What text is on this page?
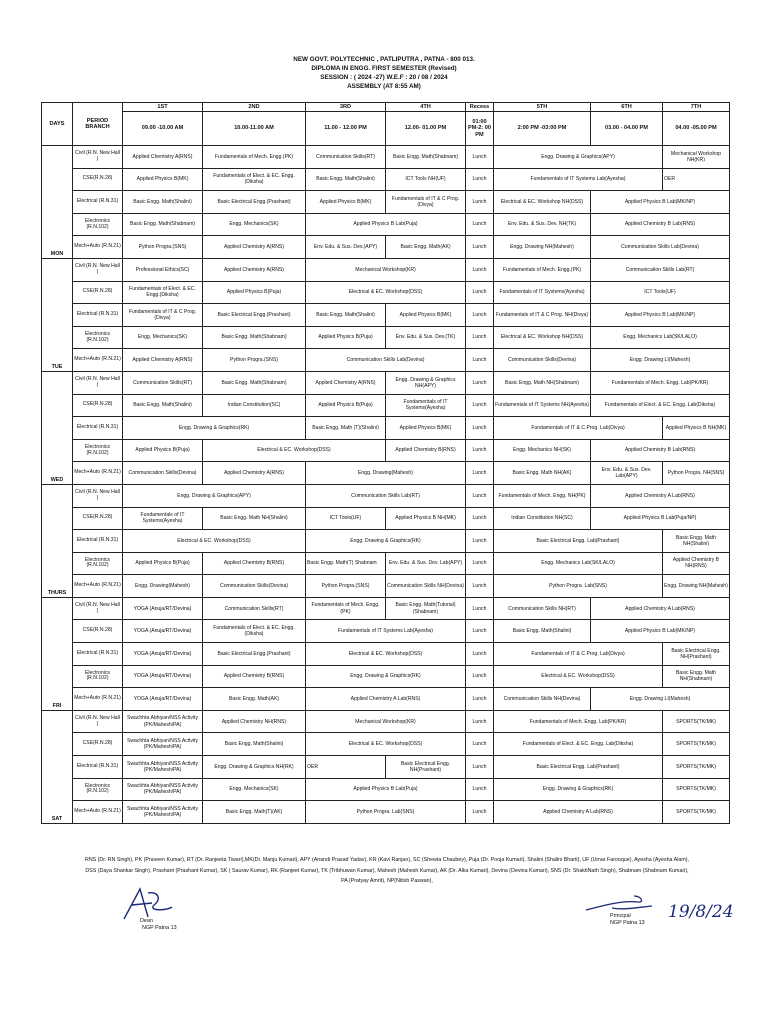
NEW GOVT. POLYTECHNIC , PATLIPUTRA , PATNA - 800 013.
DIPLOMA IN ENGG. FIRST SEMESTER (Revised)
SESSION : ( 2024 -27) W.E.F : 20 / 08 / 2024
ASSEMBLY (AT 8:55 AM)
DAYS	PERIOD BRANCH	1ST	2ND	3RD	4TH	Recess	5TH	6TH	7TH
		09.00 -10.00 AM	10.00-11.00 AM	11.00 - 12.00 PM	12.00- 01.00 PM	01:00 PM-2: 00 PM	2:00 PM -03:00 PM	03.00 - 04.00 PM	04.00 -05.00 PM
MON	Civil (R.N. New Hall )	Applied Chemistry A(RNS)	Fundamentals of Mech. Engg.(PK)	Communication Skills(RT)	Basic Engg. Math(Shabnam)	Lunch	Engg. Drawing & Graphics(APY)		Mechanical Workshop NH(KR)
	CSE(R.N.28)	Applied Physics B(MK)	Fundamentals of Elect. & EC. Engg.(Diksha)	Basic Engg. Math(Shalini)	ICT Tools NH(UF)	Lunch	Fundamentals of IT Systems Lab(Ayesha)		OER
	Electrical (R.N.31)	Basic Engg. Math(Shalini)	Basic Electrical Engg.(Prashant)	Applied Physics B(MK)	Fundamentals of IT & C Prog.(Divya)	Lunch	Electrical & EC. Workshop NH(DSS)	Applied Physics B Lab(MK/NP)	
	Electronics (R.N.102)	Basic Engg. Math(Shabnam)	Engg. Mechanics(SK)	Applied Physics B Lab(Puja)		Lunch	Env. Edu. & Sus. Dev. NH(TK)	Applied Chemistry B Lab(RNS)	
	Mech+Auto (R.N.21)	Python Progra.(SNS)	Applied Chemistry A(RNS)	Env. Edu. & Sus. Dev.(APY)	Basic Engg. Math(AK)	Lunch	Engg. Drawing NH(Mahesh)	Communication Skills Lab(Devina)	
TUE	Civil (R.N. New Hall )	Professional Ethics(SC)	Applied Chemistry A(RNS)	Mechanical Workshop(KR)		Lunch	Fundamentals of Mech. Engg.(PK)	Communication Skills Lab(RT)	
	CSE(R.N.28)	Fundamentals of Elect. & EC. Engg.(Diksha)	Applied Physics B(Puja)	Electrical & EC. Workshop(DSS)		Lunch	Fundamentals of IT Systems(Ayesha)	ICT Tools(UF)	
	Electrical (R.N.31)	Fundamentals of IT & C Prog.(Divya)	Basic Electrical Engg.(Prashant)	Basic Engg. Math(Shalini)	Applied Physics B(MK)	Lunch	Fundamentals of IT & C Prog. NH(Divya)	Applied Physics B Lab(MK/NP)	
	Electronics (R.N.102)	Engg. Mechanics(SK)	Basic Engg. Math(Shabnam)	Applied Physics B(Puja)	Env. Edu. & Sus. Dev.(TK)	Lunch	Electrical & EC. Workshop NH(DSS)	Engg. Mechanics Lab(SK/LALO)	
	Mech+Auto (R.N.21)	Applied Chemistry A(RNS)	Python Progra.(SNS)	Communication Skills Lab(Devina)		Lunch	Communication Skills(Devina)	Engg. Drawing LI(Mahesh)	
WED	Civil (R.N. New Hall )	Communication Skills(RT)	Basic Engg. Math(Shabnam)	Applied Chemistry A(RNS)	Engg. Drawing & Graphics NH(APY)	Lunch	Basic Engg. Math NH(Shabnam)	Fundamentals of Mech. Engg. Lab(PK/KR)	
	CSE(R.N.28)	Basic Engg. Math(Shalini)	Indian Constitution(SC)	Applied Physics B(Puja)	Fundamentals of IT Systems(Ayesha)	Lunch	Fundamentals of IT Systems NH(Ayesha)	Fundamentals of Elect. & EC. Engg. Lab(Diksha)	
	Electrical (R.N.31)	Engg. Drawing & Graphics(RK)		Basic Engg. Math (T)(Shalini)	Applied Physics B(MK)	Lunch	Fundamentals of IT & C Prog. Lab(Divya)		Applied Physics B NH(MK)
	Electronics (R.N.102)	Applied Physics B(Puja)	Electrical & EC. Workshop(DSS)		Applied Chemistry B(RNS)	Lunch	Engg. Mechanics NH(SK)	Applied Chemistry B Lab(RNS)	
	Mech+Auto (R.N.21)	Communication Skills(Devina)	Applied Chemistry A(RNS)	Engg. Drawing(Mahesh)		Lunch	Basic Engg. Math NH(AK)	Env. Edu. & Sus. Dev. Lab(APY)	Python Progra. NH(SNS)
THURS	Civil (R.N. New Hall )	Engg. Drawing & Graphics(APY)		Communication Skills Lab(RT)		Lunch	Fundamentals of Mech. Engg. NH(PK)	Applied Chemistry A Lab(RNS)	
	CSE(R.N.28)	Fundamentals of IT Systems(Ayesha)	Basic Engg. Math NH(Shalini)	ICT Tools(UF)	Applied Physics B NH(MK)	Lunch	Indian Constitution NH(SC)	Applied Physics B Lab(Puja/NP)	
	Electrical (R.N.31)	Electrical & EC. Workshop(DSS)		Engg. Drawing & Graphics(RK)		Lunch	Basic Electrical Engg. Lab(Prashant)		Basic Engg. Math NH(Shalini)
	Electronics (R.N.102)	Applied Physics B(Puja)	Applied Chemistry B(RNS)	Basic Engg. Math(T) Shabnam	Env. Edu. & Sus. Dev. Lab(APY)	Lunch	Engg. Mechanics Lab(SK/LALO)		Applied Chemistry B NH(RNS)
	Mech+Auto (R.N.21)	Engg. Drawing(Mahesh)	Communication Skills(Devina)	Python Progra.(SNS)	Communication Skills NH(Devina)	Lunch	Python Progra. Lab(SNS)		Engg. Drawing NH(Mahesh)
FRI	Civil (R.N. New Hall )	YOGA (Anuja/RT/Devina)	Communication Skills(RT)	Fundamentals of Mech. Engg.(PK)	Basic Engg. Math(Tutorial)(Shabnam)	Lunch	Communication Skills NH(RT)	Applied Chemistry A Lab(RNS)	
	CSE(R.N.28)	YOGA (Anuja/RT/Devina)	Fundamentals of Elect. & EC. Engg.(Diksha)	Fundamentals of IT Systems Lab(Ayesha)		Lunch	Basic Engg. Math(Shalini)	Applied Physics B Lab(MK/NP)	
	Electrical (R.N.31)	YOGA (Anuja/RT/Devina)	Basic Electrical Engg.(Prashant)	Electrical & EC. Workshop(DSS)		Lunch	Fundamentals of IT & C Prog. Lab(Divya)		Basic Electrical Engg. NH(Prashant)
	Electronics (R.N.102)	YOGA (Anuja/RT/Devina)	Applied Chemistry B(RNS)	Engg. Drawing & Graphics(RK)		Lunch	Electrical & EC. Workshop(DSS)		Basic Engg. Math NH(Shabnam)
	Mech+Auto (R.N.21)	YOGA (Anuja/RT/Devina)	Basic Engg. Math(AK)	Applied Chemistry A Lab(RNS)		Lunch	Communication Skills NH(Devina)	Engg. Drawing LI(Mahesh)	
SAT	Civil (R.N. New Hall )	Swachhta Abhiyan/NSS Activity (PK/Mahesh/PA)	Applied Chemistry NH(RNS)	Mechanical Workshop(KR)		Lunch	Fundamentals of Mech. Engg. Lab(PK/KR)		SPORTS(TK/MK)
	CSE(R.N.28)	Swachhta Abhiyan/NSS Activity (PK/Mahesh/PA)	Basic Engg. Math(Shalini)	Electrical & EC. Workshop(DSS)		Lunch	Fundamentals of Elect. & EC. Engg. Lab(Diksha)		SPORTS(TK/MK)
	Electrical (R.N.31)	Swachhta Abhiyan/NSS Activity (PK/Mahesh/PA)	Engg. Drawing & Graphics NH(RK)	OER	Basic Electrical Engg. NH(Prashant)	Lunch	Basic Electrical Engg. Lab(Prashant)		SPORTS(TK/MK)
	Electronics (R.N.102)	Swachhta Abhiyan/NSS Activity (PK/Mahesh/PA)	Engg. Mechanics(SK)	Applied Physics B Lab(Puja)		Lunch	Engg. Drawing & Graphics(RK)		SPORTS(TK/MK)
	Mech+Auto (R.N.21)	Swachhta Abhiyan/NSS Activity (PK/Mahesh/PA)	Basic Engg. Math(T)(AK)	Python Progra. Lab(SNS)		Lunch	Applied Chemistry A Lab(RNS)		SPORTS(TK/MK)
RNS (Dr. RN Singh), PK (Praveen Kumar), RT (Dr. Ranjeeta Tiwari),MK(Dr. Manju Kumari), APY (Anandi Prasad Yadav), KR (Kavi Ranjan), SC (Shewta Chaubey), Puja (Dr. Pooja Kumari), Shalini (Shalini Bharti), UF (Umar Farooque), Ayesha (Ayesha Alam), DSS (Daya Shankar Singh), Prashant (Prashant Kumar), SK ( Saurav Kumar), RK (Ranjeet Kumar), TK (Tribhuwan Kumar), Mahesh (Mahesh Kumar), AK (Dr. Alka Kumari), Devina (Devina Kumari), SNS (Dr. ShaktiNath Singh), Shabnam (Shabnam Kumari), PA (Pratyay Amrit), NP(Nitish Paswan),
Dean
NGP Patna 13
Principal
NGP Patna 13
19/8/24
